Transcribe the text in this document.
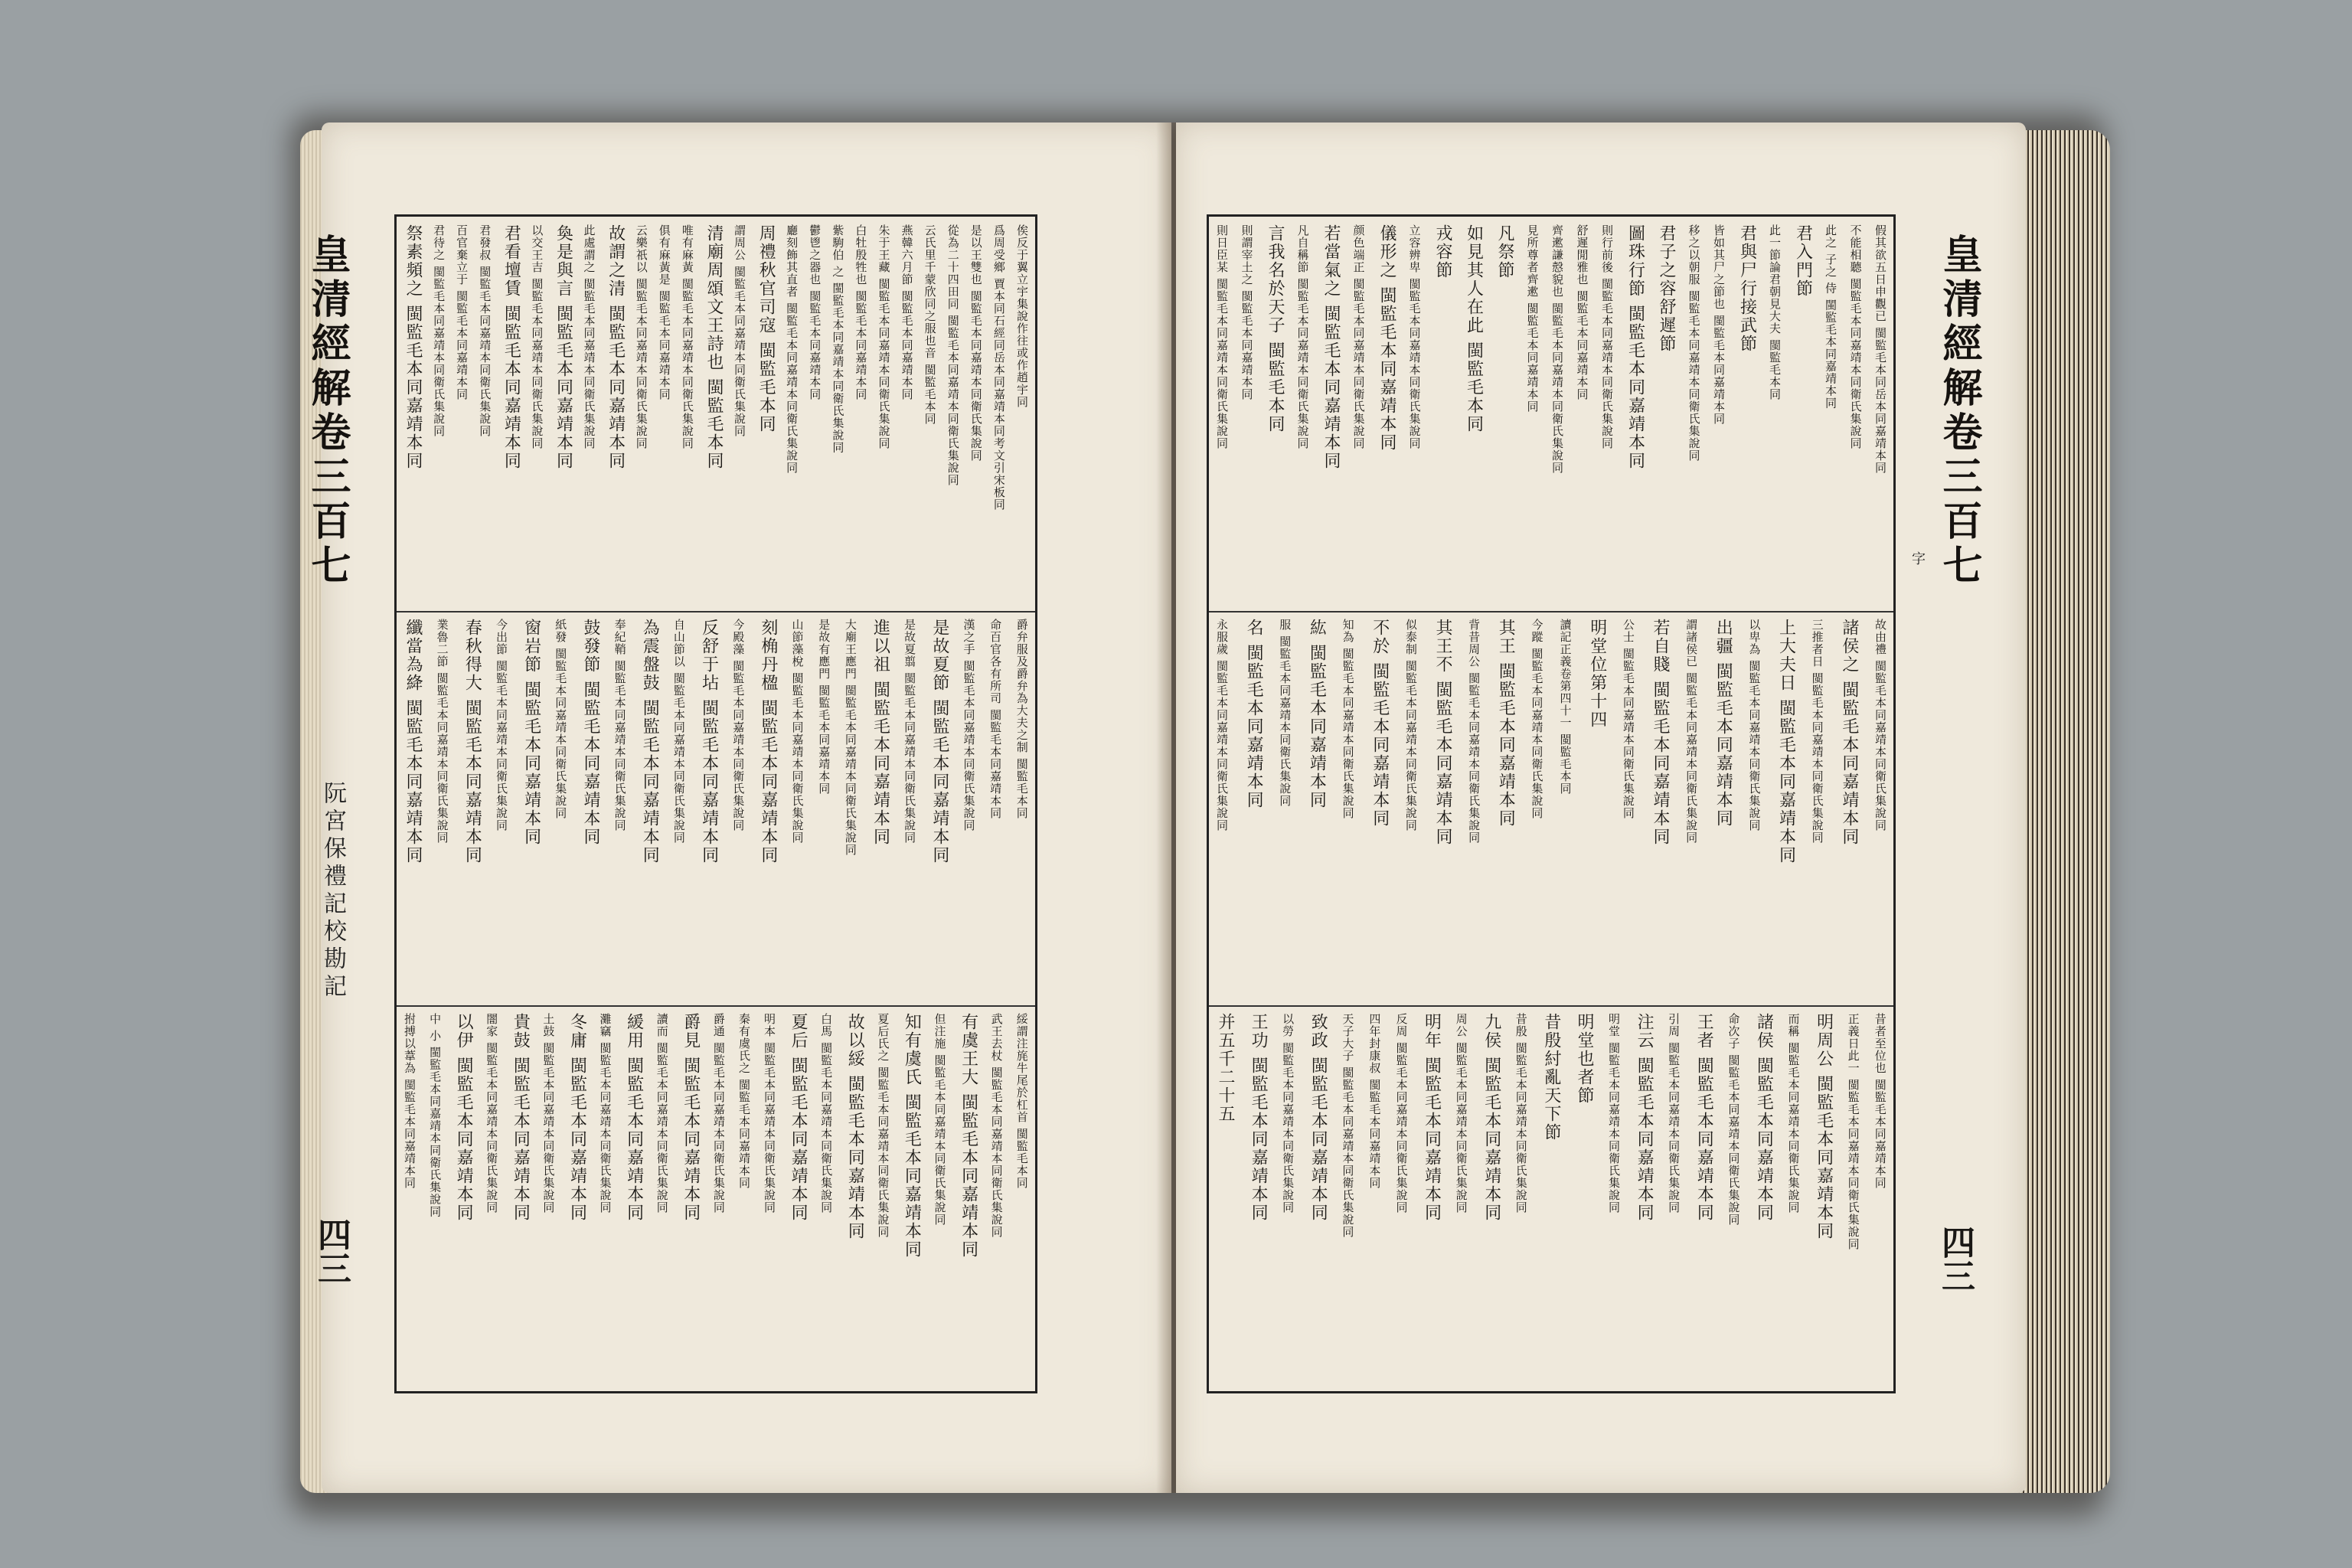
俟反于翼立宇集說作往或作趙宇同
爲周受鄉 賈本同石經同岳本同嘉靖本同考文引宋板同
是以王雙也 閩監毛本同嘉靖本同衛氏集說同
從為二十四田同 閩監毛本同嘉靖本同衛氏集說同
云氏里千蒙欣同之服也音 閩監毛本同
燕韓六月節 閩監毛本同嘉靖本同
朱于王藏 閩監毛本同嘉靖本同衛氏集說同
白牡殷牲也 閩監毛本同嘉靖本同
紫駒伯 之 閩監毛本同嘉靖本同衛氏集說同
鬱鬯之器也 閩監毛本同嘉靖本同
廳刻飾其直者 閩監毛本同嘉靖本同衛氏集說同
周禮秋官司寇 閩監毛本同
謂周公 閩監毛本同嘉靖本同衛氏集說同
清廟周頌文王詩也 閩監毛本同
唯有麻黃 閩監毛本同嘉靖本同衛氏集說同
俱有麻黃是 閩監毛本同嘉靖本同
云樂祇以 閩監毛本同嘉靖本同衛氏集說同
故謂之清 閩監毛本同嘉靖本同
此處謂之 閩監毛本同嘉靖本同衛氏集說同
奐是與言 閩監毛本同嘉靖本同
以交王吉 閩監毛本同嘉靖本同衛氏集說同
君看壇賃 閩監毛本同嘉靖本同
君發叔 閩監毛本同嘉靖本同衛氏集說同
百官棄立于 閩監毛本同嘉靖本同
君待之 閩監毛本同嘉靖本同衛氏集說同
祭素頻之 閩監毛本同嘉靖本同
爵弁服及爵弁為大夫之制 閩監毛本同
命百官各有所司 閩監毛本同嘉靖本同
漢之手 閩監毛本同嘉靖本同衛氏集說同
是故夏節 閩監毛本同嘉靖本同
是故夏翦 閩監毛本同嘉靖本同衛氏集說同
進以祖 閩監毛本同嘉靖本同
大廟王應門 閩監毛本同嘉靖本同衛氏集說同
是故有應門 閩監毛本同嘉靖本同
山節藻梲 閩監毛本同嘉靖本同衛氏集說同
刻桷丹楹 閩監毛本同嘉靖本同
今殿藻 閩監毛本同嘉靖本同衛氏集說同
反舒于坫 閩監毛本同嘉靖本同
自山節以 閩監毛本同嘉靖本同衛氏集說同
為震盤鼓 閩監毛本同嘉靖本同
奉紀鞘 閩監毛本同嘉靖本同衛氏集說同
鼓發節 閩監毛本同嘉靖本同
紙發 閩監毛本同嘉靖本同衛氏集說同
窗岩節 閩監毛本同嘉靖本同
今出節 閩監毛本同嘉靖本同衛氏集說同
春秋得大 閩監毛本同嘉靖本同
業魯二節 閩監毛本同嘉靖本同衛氏集說同
纖當為絳 閩監毛本同嘉靖本同
綏謂注旄牛尾於杠首 閩監毛本同
武王去杖 閩監毛本同嘉靖本同衛氏集說同
有虞王大 閩監毛本同嘉靖本同
但注施 閩監毛本同嘉靖本同衛氏集說同
知有虞氏 閩監毛本同嘉靖本同
夏后氏之 閩監毛本同嘉靖本同衛氏集說同
故以綏 閩監毛本同嘉靖本同
白馬 閩監毛本同嘉靖本同衛氏集說同
夏后 閩監毛本同嘉靖本同
明本 閩監毛本同嘉靖本同衛氏集說同
秦有虞氏之 閩監毛本同嘉靖本同
爵通 閩監毛本同嘉靖本同衛氏集說同
爵見 閩監毛本同嘉靖本同
讀而 閩監毛本同嘉靖本同衛氏集說同
緩用 閩監毛本同嘉靖本同
灘竊 閩監毛本同嘉靖本同衛氏集說同
冬庸 閩監毛本同嘉靖本同
土鼓 閩監毛本同嘉靖本同衛氏集說同
貴鼓 閩監毛本同嘉靖本同
闇家 閩監毛本同嘉靖本同衛氏集說同
以伊 閩監毛本同嘉靖本同
中 小 閩監毛本同嘉靖本同衛氏集說同
拊搏以葦為 閩監毛本同嘉靖本同
皇清經解卷三百七
阮宮保禮記校勘記
四三
假其欲五日申觀已 閩監毛本同岳本同嘉靖本同
不能相聽 閩監毛本同嘉靖本同衛氏集說同
此之 子之 侍 閩監毛本同嘉靖本同
君入門節
此一節論君朝見大夫 閩監毛本同
君與尸行接武節
皆如其尸之節也 閩監毛本同嘉靖本同
移之以朝服 閩監毛本同嘉靖本同衛氏集說同
君子之容舒遲節
圖珠行節 閩監毛本同嘉靖本同
則行前後 閩監毛本同嘉靖本同衛氏集說同
舒遲閒雅也 閩監毛本同嘉靖本同
齊遬謙慤貌也 閩監毛本同嘉靖本同衛氏集說同
見所尊者齊遬 閩監毛本同嘉靖本同
凡祭節
如見其人在此 閩監毛本同
戎容節
立容辨卑 閩監毛本同嘉靖本同衛氏集說同
儀形之 閩監毛本同嘉靖本同
颜色端正 閩監毛本同嘉靖本同衛氏集說同
若當氣之 閩監毛本同嘉靖本同
凡自稱節 閩監毛本同嘉靖本同衛氏集說同
言我名於天子 閩監毛本同
則謂宰土之 閩監毛本同嘉靖本同
則日臣某 閩監毛本同嘉靖本同衛氏集說同
故由禮 閩監毛本同嘉靖本同衛氏集說同
諸侯之 閩監毛本同嘉靖本同
三推者日 閩監毛本同嘉靖本同衛氏集說同
上大夫日 閩監毛本同嘉靖本同
以卑為 閩監毛本同嘉靖本同衛氏集說同
出疆 閩監毛本同嘉靖本同
謂諸侯已 閩監毛本同嘉靖本同衛氏集說同
若自賤 閩監毛本同嘉靖本同
公士 閩監毛本同嘉靖本同衛氏集說同
明堂位第十四
讀記正義卷第四十一 閩監毛本同
今蹤 閩監毛本同嘉靖本同衛氏集說同
其王 閩監毛本同嘉靖本同
背昔周公 閩監毛本同嘉靖本同衛氏集說同
其王不 閩監毛本同嘉靖本同
似泰制 閩監毛本同嘉靖本同衛氏集說同
不於 閩監毛本同嘉靖本同
知為 閩監毛本同嘉靖本同衛氏集說同
紘 閩監毛本同嘉靖本同
服 閩監毛本同嘉靖本同衛氏集說同
名 閩監毛本同嘉靖本同
永服歲 閩監毛本同嘉靖本同衛氏集說同
昔者至位也 閩監毛本同嘉靖本同
正義日此一 閩監毛本同嘉靖本同衛氏集說同
明周公 閩監毛本同嘉靖本同
而稱 閩監毛本同嘉靖本同衛氏集說同
諸侯 閩監毛本同嘉靖本同
命次子 閩監毛本同嘉靖本同衛氏集說同
王者 閩監毛本同嘉靖本同
引周 閩監毛本同嘉靖本同衛氏集說同
注云 閩監毛本同嘉靖本同
明堂 閩監毛本同嘉靖本同衛氏集說同
明堂也者節
昔殷紂亂天下節
昔殷 閩監毛本同嘉靖本同衛氏集說同
九侯 閩監毛本同嘉靖本同
周公 閩監毛本同嘉靖本同衛氏集說同
明年 閩監毛本同嘉靖本同
反周 閩監毛本同嘉靖本同衛氏集說同
四年封康叔 閩監毛本同嘉靖本同
天子大子 閩監毛本同嘉靖本同衛氏集說同
致政 閩監毛本同嘉靖本同
以勞 閩監毛本同嘉靖本同衛氏集說同
王功 閩監毛本同嘉靖本同
并五千二十五
皇清經解卷三百七
字
四三
